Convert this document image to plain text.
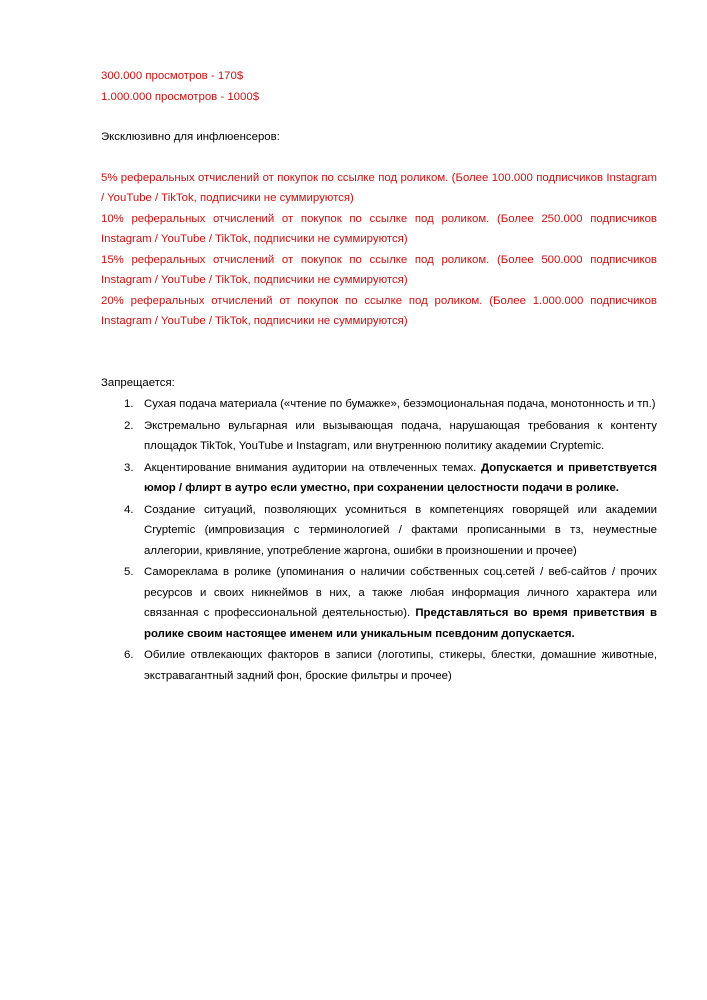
300.000 просмотров - 170$

1.000.000 просмотров - 1000$

Эксклюзивно для инфлюенсеров:

5% реферальных отчислений от покупок по ссылке под роликом. (Более 100.000 подписчиков Instagram / YouTube / TikTok, подписчики не суммируются)

10% реферальных отчислений от покупок по ссылке под роликом. (Более 250.000 подписчиков Instagram / YouTube / TikTok, подписчики не суммируются)

15% реферальных отчислений от покупок по ссылке под роликом. (Более 500.000 подписчиков Instagram / YouTube / TikTok, подписчики не суммируются)

20% реферальных отчислений от покупок по ссылке под роликом. (Более 1.000.000 подписчиков Instagram / YouTube / TikTok, подписчики не суммируются)

Запрещается:

1. Сухая подача материала («чтение по бумажке», безэмоциональная подача, монотонность и тп.)
2. Экстремально вульгарная или вызывающая подача, нарушающая требования к контенту площадок TikTok, YouTube и Instagram, или внутреннюю политику академии Cryptemic.
3. Акцентирование внимания аудитории на отвлеченных темах. Допускается и приветствуется юмор / флирт в аутро если уместно, при сохранении целостности подачи в ролике.
4. Создание ситуаций, позволяющих усомниться в компетенциях говорящей или академии Cryptemic (импровизация с терминологией / фактами прописанными в тз, неуместные аллегории, кривляние, употребление жаргона, ошибки в произношении и прочее)
5. Самореклама в ролике (упоминания о наличии собственных соц.сетей / веб-сайтов / прочих ресурсов и своих никнеймов в них, а также любая информация личного характера или связанная с профессиональной деятельностью). Представляться во время приветствия в ролике своим настоящее именем или уникальным псевдоним допускается.
6. Обилие отвлекающих факторов в записи (логотипы, стикеры, блестки, домашние животные, экстравагантный задний фон, броские фильтры и прочее)
